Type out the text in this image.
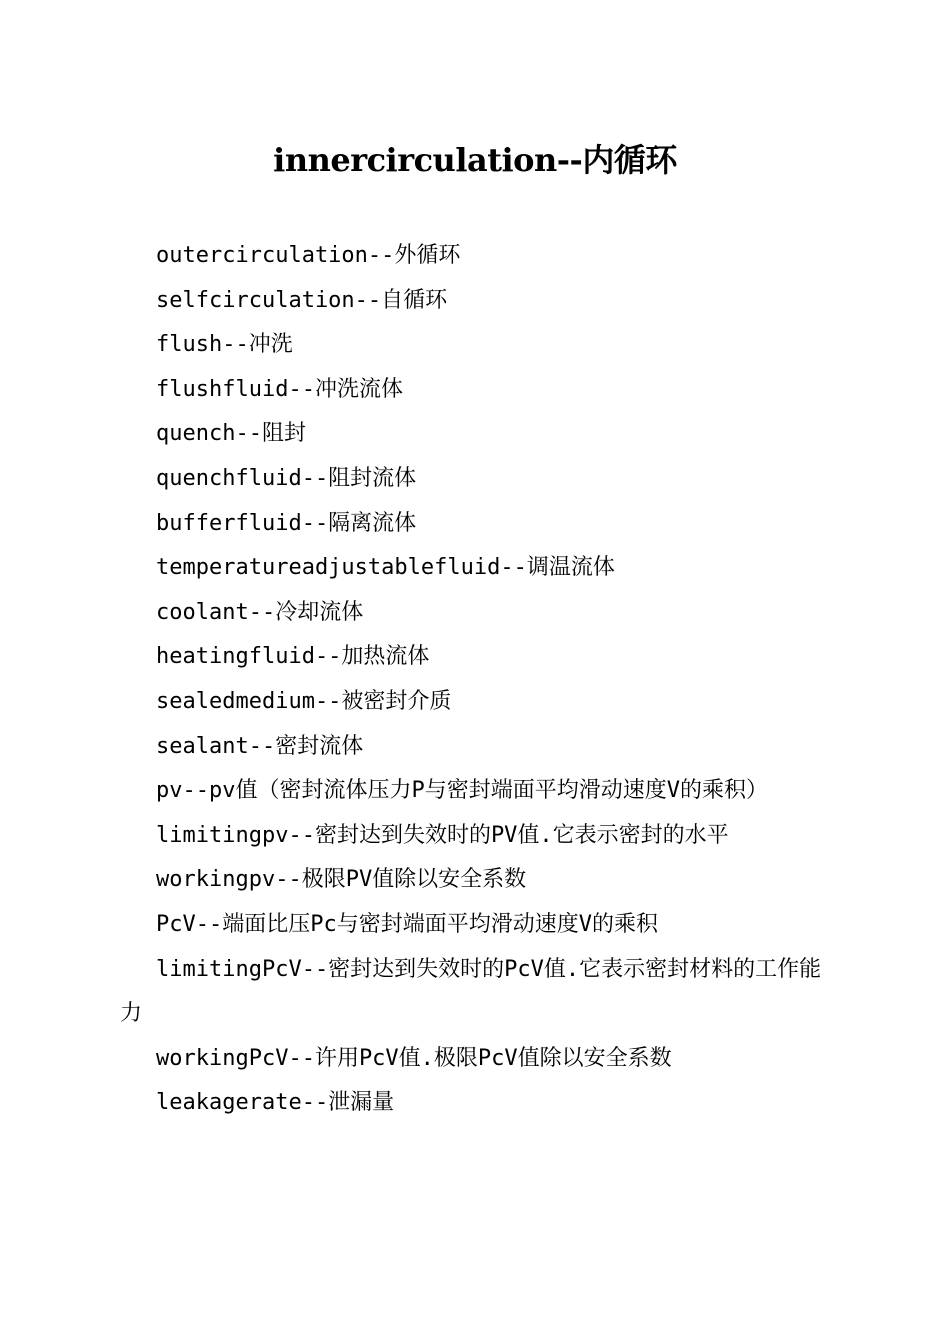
innercirculation--内循环

outercirculation--外循环

selfcirculation--自循环

flush--冲洗

flushfluid--冲洗流体

quench--阻封

quenchfluid--阻封流体

bufferfluid--隔离流体

temperatureadjustablefluid--调温流体

coolant--冷却流体

heatingfluid--加热流体

sealedmedium--被密封介质

sealant--密封流体

pv--pv值（密封流体压力P与密封端面平均滑动速度V的乘积）

limitingpv--密封达到失效时的PV值.它表示密封的水平

workingpv--极限PV值除以安全系数

PcV--端面比压Pc与密封端面平均滑动速度V的乘积

limitingPcV--密封达到失效时的PcV值.它表示密封材料的工作能力

workingPcV--许用PcV值.极限PcV值除以安全系数

leakagerate--泄漏量
